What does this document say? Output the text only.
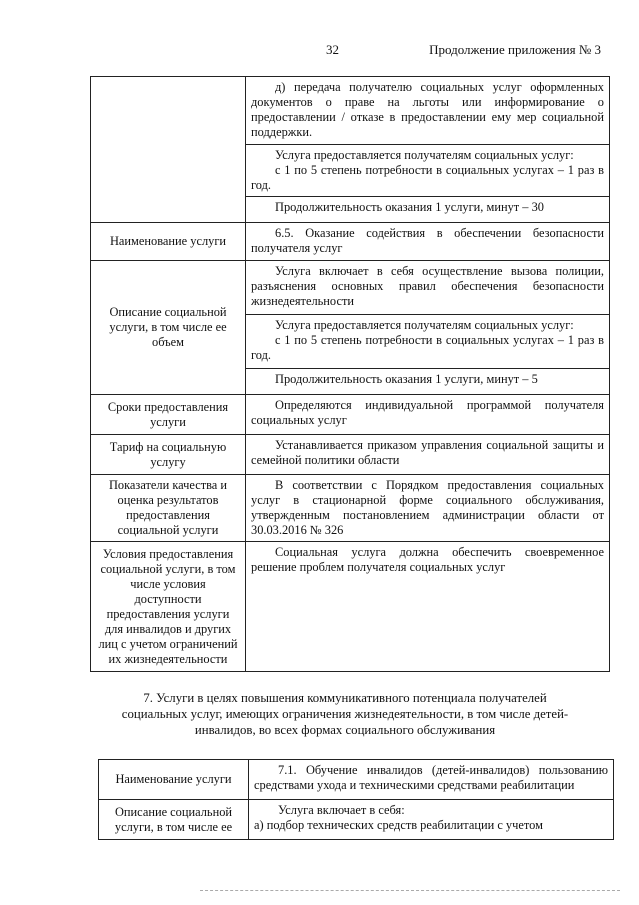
32	Продолжение приложения № 3

	д) передача получателю социальных услуг оформленных документов о праве на льготы или информирование о предоставлении / отказе в предоставлении ему мер социальной поддержки.

	Услуга предоставляется получателям социальных услуг:
с 1 по 5 степень потребности в социальных услугах – 1 раз в год.

	Продолжительность оказания 1 услуги, минут – 30
Наименование услуги	6.5. Оказание содействия в обеспечении безопасности получателя услуг

Описание социальной услуги, в том числе ее объем	Услуга включает в себя осуществление вызова полиции, разъяснения основных правил обеспечения безопасности жизнедеятельности

	Услуга предоставляется получателям социальных услуг:
с 1 по 5 степень потребности в социальных услугах – 1 раз в год.

	Продолжительность оказания 1 услуги, минут – 5
Сроки предоставления услуги	Определяются индивидуальной программой получателя социальных услуг

Тариф на социальную услугу	Устанавливается приказом управления социальной защиты и семейной политики области

Показатели качества и оценка результатов предоставления социальной услуги	В соответствии с Порядком предоставления социальных услуг в стационарной форме социального обслуживания, утвержденным постановлением администрации области от 30.03.2016 № 326

Условия предоставления социальной услуги, в том числе условия доступности предоставления услуги для инвалидов и других лиц с учетом ограничений их жизнедеятельности	Социальная услуга должна обеспечить своевременное решение проблем получателя социальных услуг
7. Услуги в целях повышения коммуникативного потенциала получателей социальных услуг, имеющих ограничения жизнедеятельности, в том числе детей-инвалидов, во всех формах социального обслуживания
Наименование услуги	7.1. Обучение инвалидов (детей-инвалидов) пользованию средствами ухода и техническими средствами реабилитации

Описание социальной услуги, в том числе ее	Услуга включает в себя:
а) подбор технических средств реабилитации с учетом
